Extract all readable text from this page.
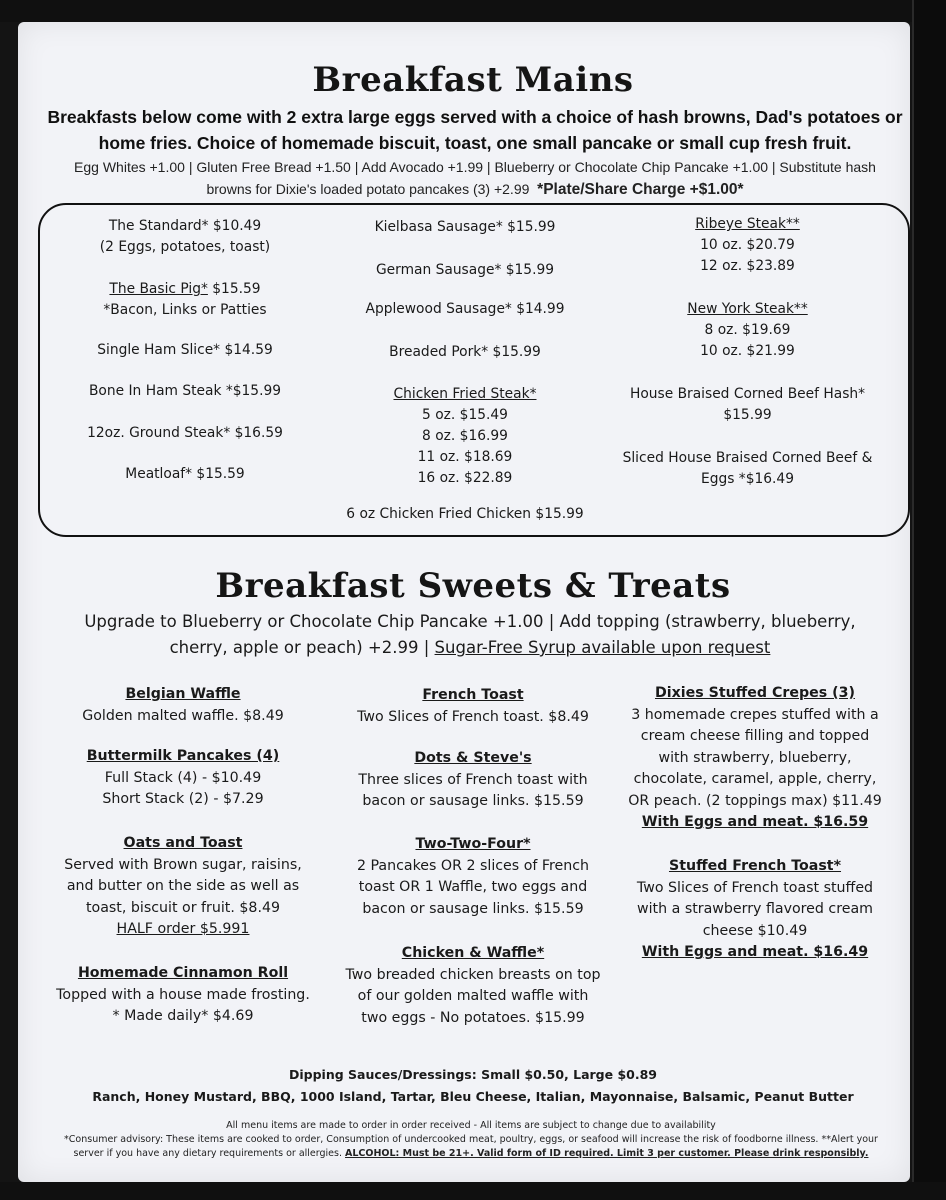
Breakfast Mains
Breakfasts below come with 2 extra large eggs served with a choice of hash browns, Dad's potatoes or
home fries. Choice of homemade biscuit, toast, one small pancake or small cup fresh fruit.
Egg Whites +1.00 | Gluten Free Bread +1.50 | Add Avocado +1.99 | Blueberry or Chocolate Chip Pancake +1.00 | Substitute hash
browns for Dixie's loaded potato pancakes (3) +2.99 *Plate/Share Charge +$1.00*
The Standard* $10.49
(2 Eggs, potatoes, toast)
The Basic Pig* $15.59
*Bacon, Links or Patties
Single Ham Slice* $14.59
Bone In Ham Steak *$15.99
12oz. Ground Steak* $16.59
Meatloaf* $15.59
Kielbasa Sausage* $15.99
German Sausage* $15.99
Applewood Sausage* $14.99
Breaded Pork* $15.99
Chicken Fried Steak*
5 oz. $15.49
8 oz. $16.99
11 oz. $18.69
16 oz. $22.89
6 oz Chicken Fried Chicken $15.99
Ribeye Steak**
10 oz. $20.79
12 oz. $23.89
New York Steak**
8 oz. $19.69
10 oz. $21.99
House Braised Corned Beef Hash*
$15.99
Sliced House Braised Corned Beef &
Eggs *$16.49
Breakfast Sweets & Treats
Upgrade to Blueberry or Chocolate Chip Pancake +1.00 | Add topping (strawberry, blueberry,
cherry, apple or peach) +2.99 | Sugar-Free Syrup available upon request
Belgian Waffle
Golden malted waffle. $8.49
Buttermilk Pancakes (4)
Full Stack (4) - $10.49
Short Stack (2) - $7.29
Oats and Toast
Served with Brown sugar, raisins,
and butter on the side as well as
toast, biscuit or fruit. $8.49
HALF order $5.991
Homemade Cinnamon Roll
Topped with a house made frosting.
* Made daily* $4.69
French Toast
Two Slices of French toast. $8.49
Dots & Steve's
Three slices of French toast with
bacon or sausage links. $15.59
Two-Two-Four*
2 Pancakes OR 2 slices of French
toast OR 1 Waffle, two eggs and
bacon or sausage links. $15.59
Chicken & Waffle*
Two breaded chicken breasts on top
of our golden malted waffle with
two eggs - No potatoes. $15.99
Dixies Stuffed Crepes (3)
3 homemade crepes stuffed with a
cream cheese filling and topped
with strawberry, blueberry,
chocolate, caramel, apple, cherry,
OR peach. (2 toppings max) $11.49
With Eggs and meat. $16.59
Stuffed French Toast*
Two Slices of French toast stuffed
with a strawberry flavored cream
cheese $10.49
With Eggs and meat. $16.49
Dipping Sauces/Dressings: Small $0.50, Large $0.89
Ranch, Honey Mustard, BBQ, 1000 Island, Tartar, Bleu Cheese, Italian, Mayonnaise, Balsamic, Peanut Butter
All menu items are made to order in order received - All items are subject to change due to availability
*Consumer advisory: These items are cooked to order, Consumption of undercooked meat, poultry, eggs, or seafood will increase the risk of foodborne illness. **Alert your
server if you have any dietary requirements or allergies. ALCOHOL: Must be 21+. Valid form of ID required. Limit 3 per customer. Please drink responsibly.
